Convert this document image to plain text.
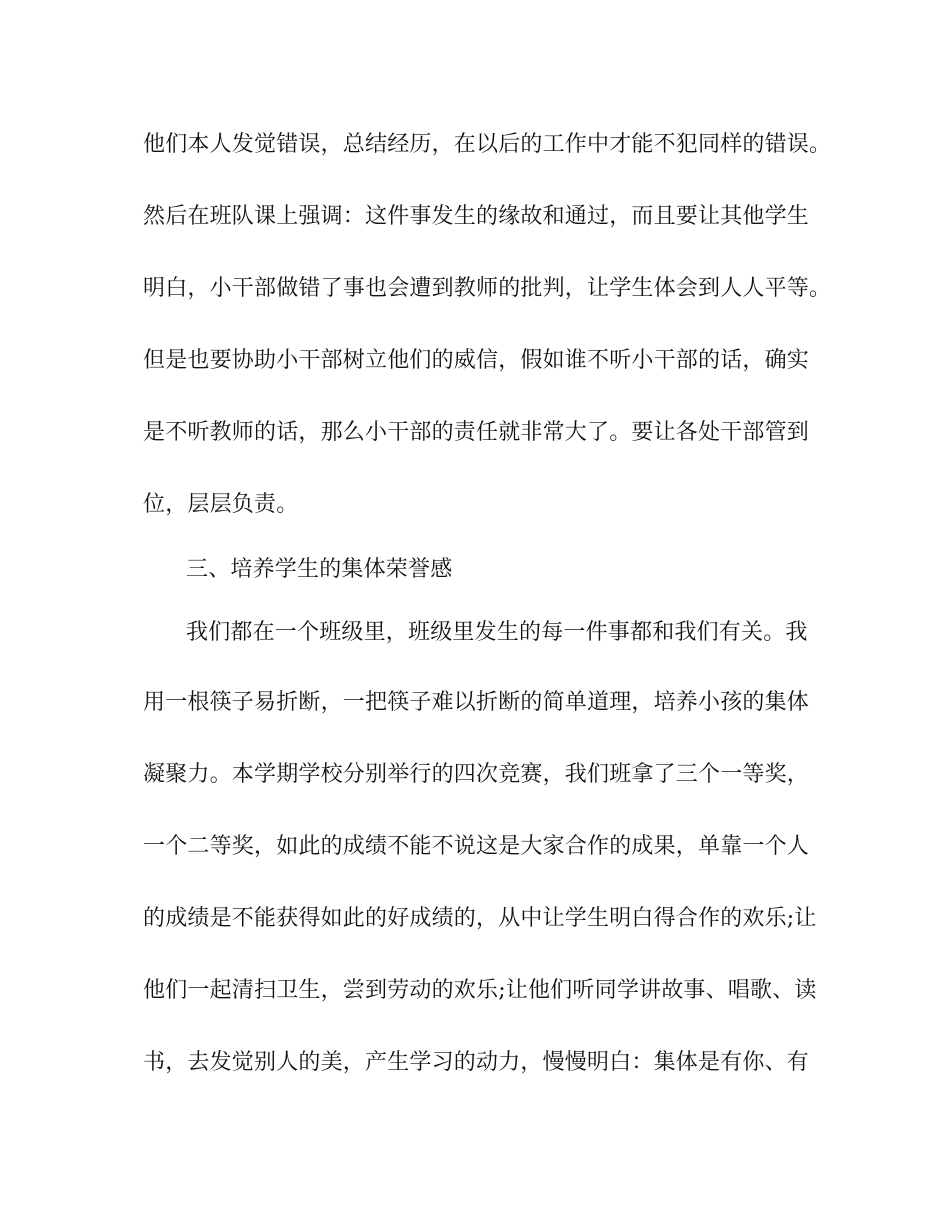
他们本人发觉错误，总结经历，在以后的工作中才能不犯同样的错误。
然后在班队课上强调：这件事发生的缘故和通过，而且要让其他学生
明白，小干部做错了事也会遭到教师的批判，让学生体会到人人平等。
但是也要协助小干部树立他们的威信，假如谁不听小干部的话，确实
是不听教师的话，那么小干部的责任就非常大了。要让各处干部管到
位，层层负责。
三、培养学生的集体荣誉感
我们都在一个班级里，班级里发生的每一件事都和我们有关。我
用一根筷子易折断，一把筷子难以折断的简单道理，培养小孩的集体
凝聚力。本学期学校分别举行的四次竞赛，我们班拿了三个一等奖，
一个二等奖，如此的成绩不能不说这是大家合作的成果，单靠一个人
的成绩是不能获得如此的好成绩的，从中让学生明白得合作的欢乐;让
他们一起清扫卫生，尝到劳动的欢乐;让他们听同学讲故事、唱歌、读
书，去发觉别人的美，产生学习的动力，慢慢明白：集体是有你、有
